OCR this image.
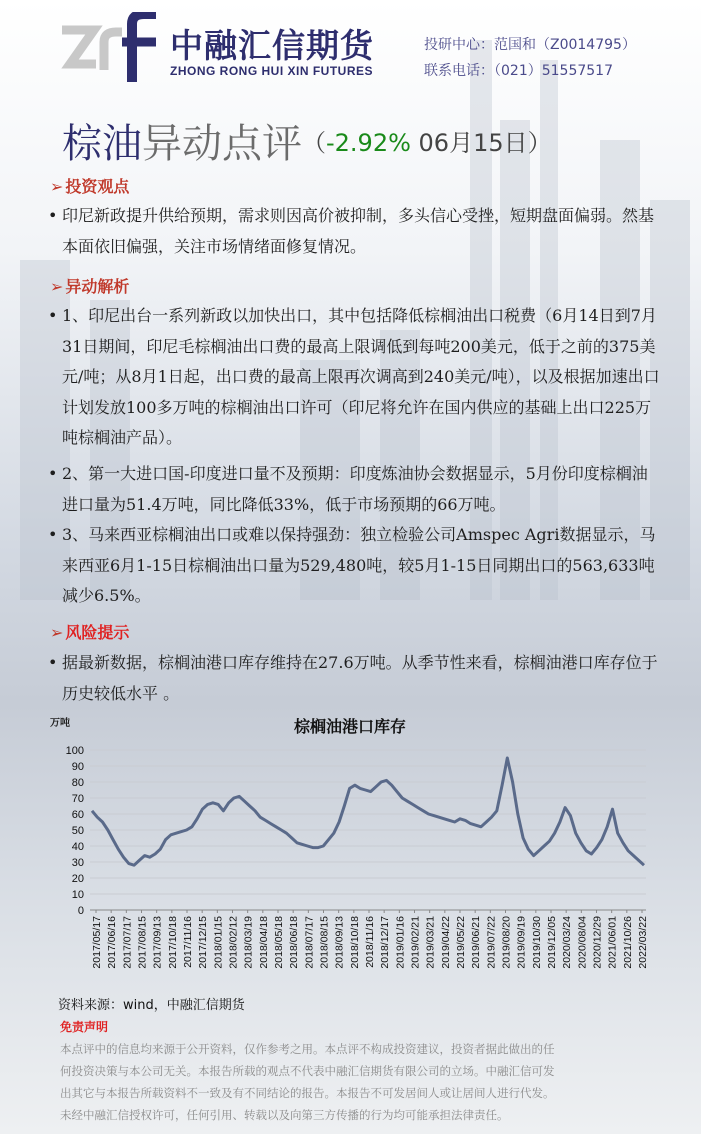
中融汇信期货
ZHONG RONG HUI XIN FUTURES
投研中心：范国和（Z0014795）
联系电话：（021）51557517
棕油异动点评（-2.92% 06月15日）
➢ 投资观点
• 印尼新政提升供给预期，需求则因高价被抑制，多头信心受挫，短期盘面偏弱。然基本面依旧偏强，关注市场情绪面修复情况。
➢ 异动解析
• 1、印尼出台一系列新政以加快出口，其中包括降低棕榈油出口税费（6月14日到7月31日期间，印尼毛棕榈油出口费的最高上限调低到每吨200美元，低于之前的375美元/吨；从8月1日起，出口费的最高上限再次调高到240美元/吨），以及根据加速出口计划发放100多万吨的棕榈油出口许可（印尼将允许在国内供应的基础上出口225万吨棕榈油产品）。
• 2、第一大进口国-印度进口量不及预期：印度炼油协会数据显示，5月份印度棕榈油进口量为51.4万吨，同比降低33%，低于市场预期的66万吨。
• 3、马来西亚棕榈油出口或难以保持强劲：独立检验公司Amspec Agri数据显示，马来西亚6月1-15日棕榈油出口量为529,480吨，较5月1-15日同期出口的563,633吨减少6.5%。
➢ 风险提示
• 据最新数据，棕榈油港口库存维持在27.6万吨。从季节性来看，棕榈油港口库存位于历史较低水平 。
万吨	棕榈油港口库存
0
10
20
30
40
50
60
70
80
90
100
2017/05/17 2017/06/16 2017/07/17 2017/08/15 2017/09/13 2017/10/18 2017/11/16 2017/12/15 2018/01/15 2018/02/12 2018/03/19 2018/04/18 2018/05/18 2018/06/18 2018/07/17 2018/08/15 2018/09/13 2018/10/18 2018/11/16 2018/12/17 2019/01/16 2019/02/21 2019/03/21 2019/04/22 2019/05/22 2019/06/21 2019/07/22 2019/08/20 2019/09/19 2019/10/30 2019/12/05 2020/03/24 2020/08/04 2020/12/29 2021/06/01 2021/10/26 2022/03/22
资料来源：wind，中融汇信期货
免责声明
本点评中的信息均来源于公开资料，仅作参考之用。本点评不构成投资建议，投资者据此做出的任
何投资决策与本公司无关。本报告所载的观点不代表中融汇信期货有限公司的立场。中融汇信可发
出其它与本报告所载资料不一致及有不同结论的报告。本报告不可发居间人或让居间人进行代发。
未经中融汇信授权许可，任何引用、转载以及向第三方传播的行为均可能承担法律责任。
